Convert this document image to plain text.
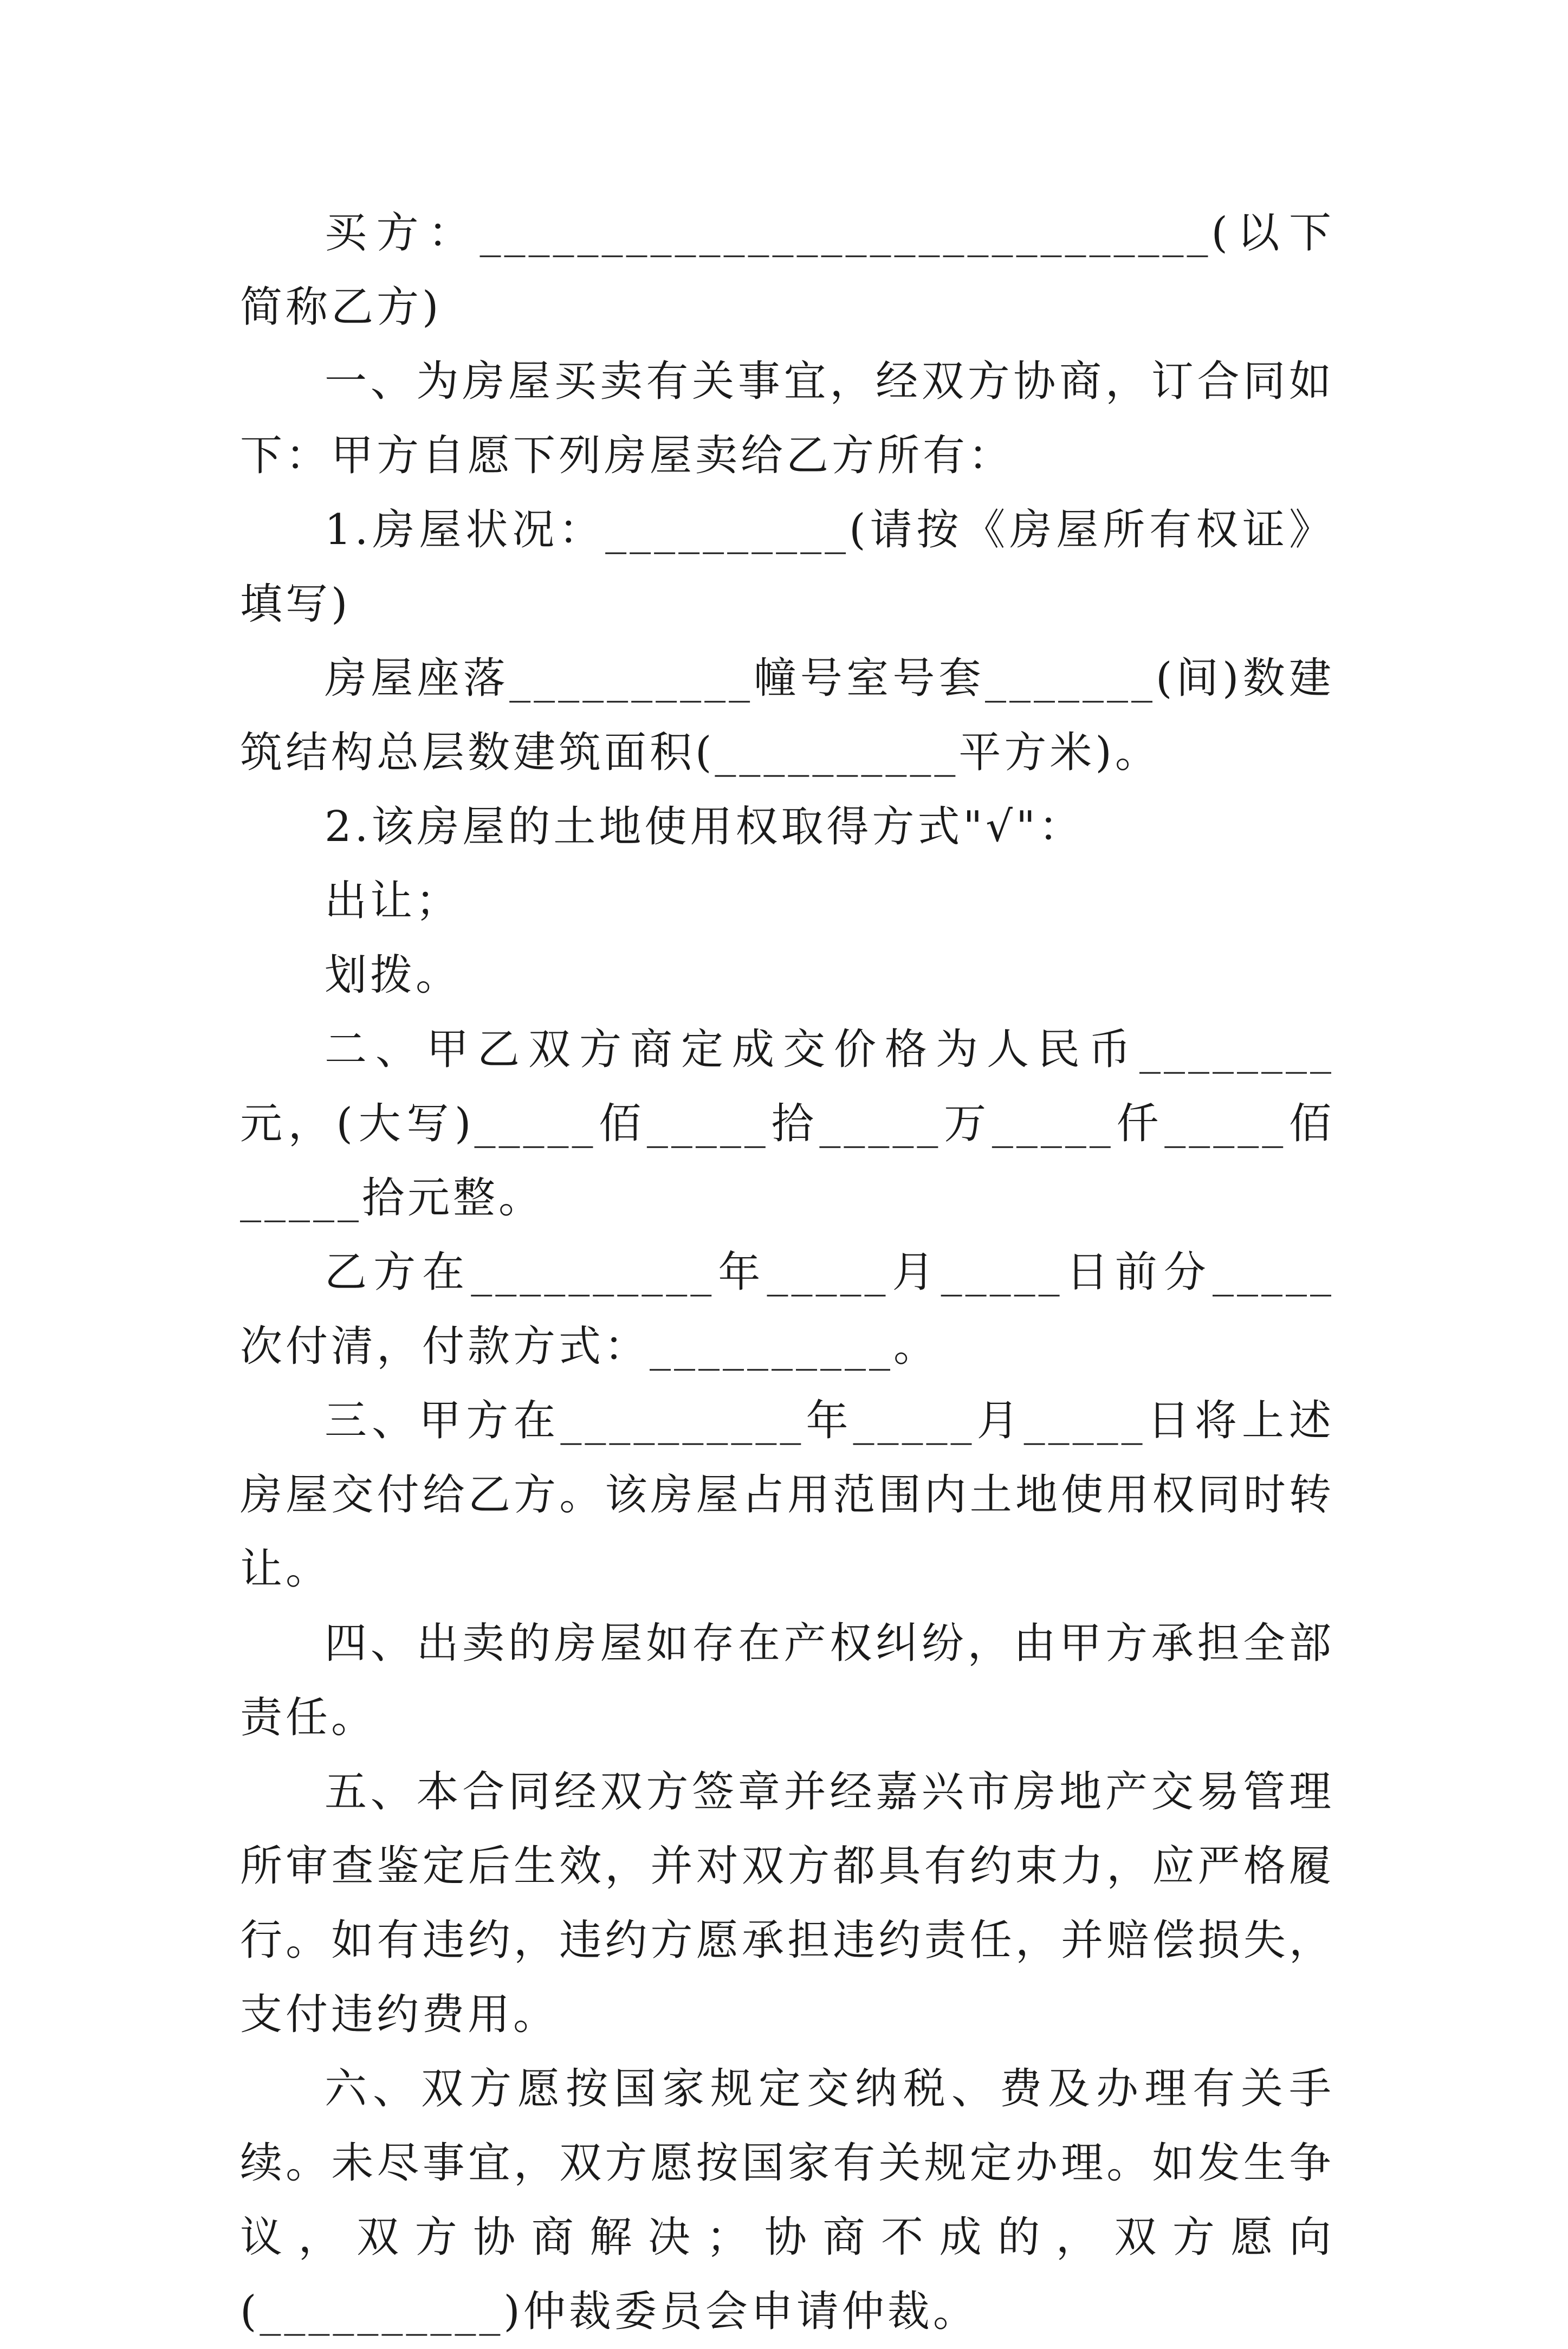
买方：______________________________(以下简称乙方)

一、为房屋买卖有关事宜，经双方协商，订合同如下：甲方自愿下列房屋卖给乙方所有：

1.房屋状况：__________(请按《房屋所有权证》填写)

房屋座落__________幢号室号套_______(间)数建筑结构总层数建筑面积(__________平方米)。

2.该房屋的土地使用权取得方式"√"：

出让；

划拨。

二、甲乙双方商定成交价格为人民币________元，(大写)_____佰_____拾_____万_____仟_____佰_____拾元整。

乙方在__________年_____月_____日前分_____次付清，付款方式：__________。

三、甲方在__________年_____月_____日将上述房屋交付给乙方。该房屋占用范围内土地使用权同时转让。

四、出卖的房屋如存在产权纠纷，由甲方承担全部责任。

五、本合同经双方签章并经嘉兴市房地产交易管理所审查鉴定后生效，并对双方都具有约束力，应严格履行。如有违约，违约方愿承担违约责任，并赔偿损失，支付违约费用。

六、双方愿按国家规定交纳税、费及办理有关手续。未尽事宜，双方愿按国家有关规定办理。如发生争议，双方协商解决；协商不成的，双方愿向(__________)仲裁委员会申请仲裁。
